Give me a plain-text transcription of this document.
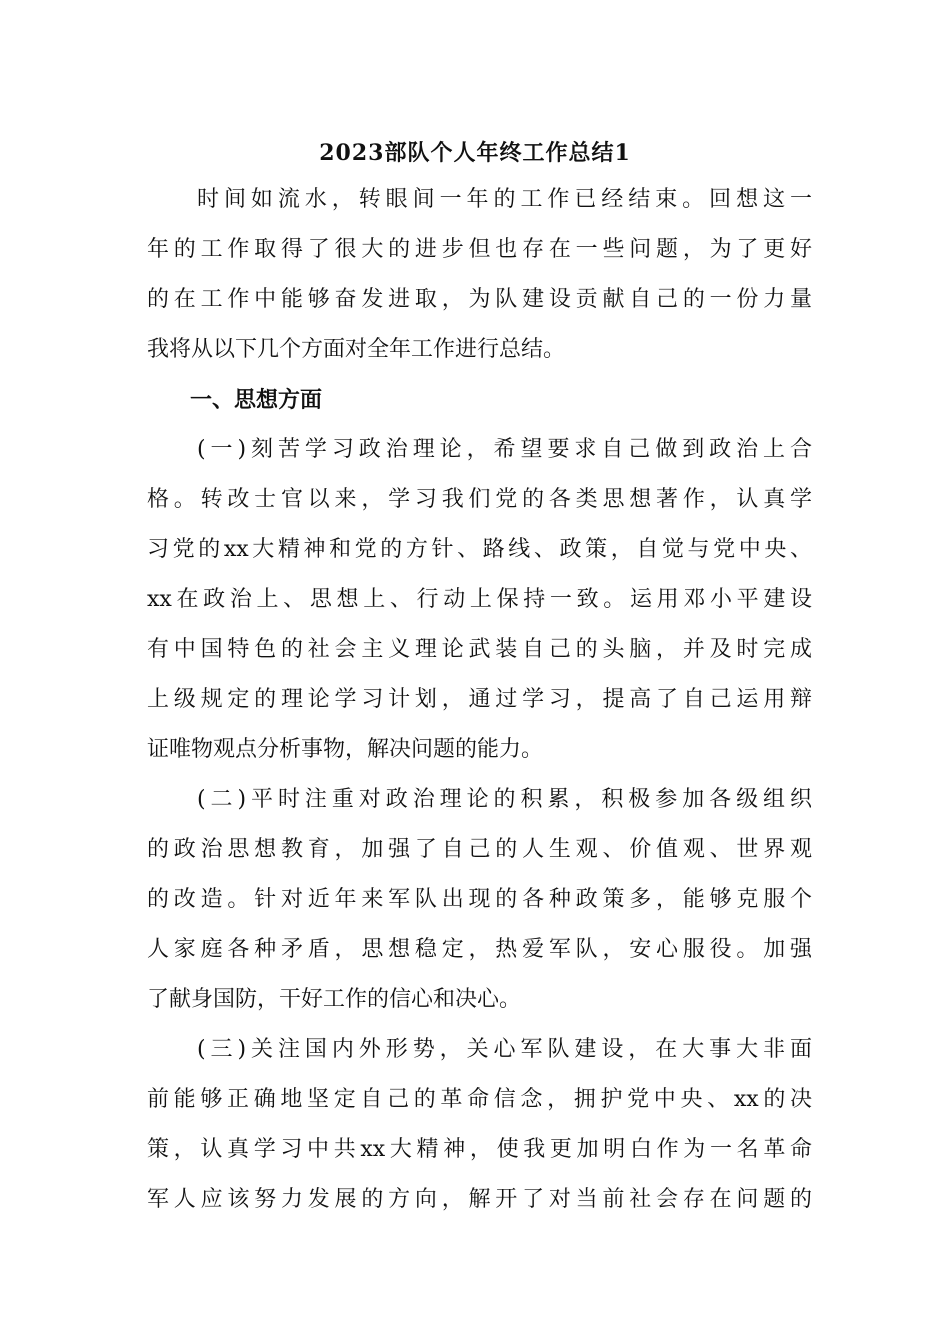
2023部队个人年终工作总结1
时间如流水，转眼间一年的工作已经结束。回想这一
年的工作取得了很大的进步但也存在一些问题，为了更好
的在工作中能够奋发进取，为队建设贡献自己的一份力量
我将从以下几个方面对全年工作进行总结。
一、思想方面
(一)刻苦学习政治理论，希望要求自己做到政治上合
格。转改士官以来，学习我们党的各类思想著作，认真学
习党的xx大精神和党的方针、路线、政策，自觉与党中央、
xx在政治上、思想上、行动上保持一致。运用邓小平建设
有中国特色的社会主义理论武装自己的头脑，并及时完成
上级规定的理论学习计划，通过学习，提高了自己运用辩
证唯物观点分析事物，解决问题的能力。
(二)平时注重对政治理论的积累，积极参加各级组织
的政治思想教育，加强了自己的人生观、价值观、世界观
的改造。针对近年来军队出现的各种政策多，能够克服个
人家庭各种矛盾，思想稳定，热爱军队，安心服役。加强
了献身国防，干好工作的信心和决心。
(三)关注国内外形势，关心军队建设，在大事大非面
前能够正确地坚定自己的革命信念，拥护党中央、xx的决
策，认真学习中共xx大精神，使我更加明白作为一名革命
军人应该努力发展的方向，解开了对当前社会存在问题的
